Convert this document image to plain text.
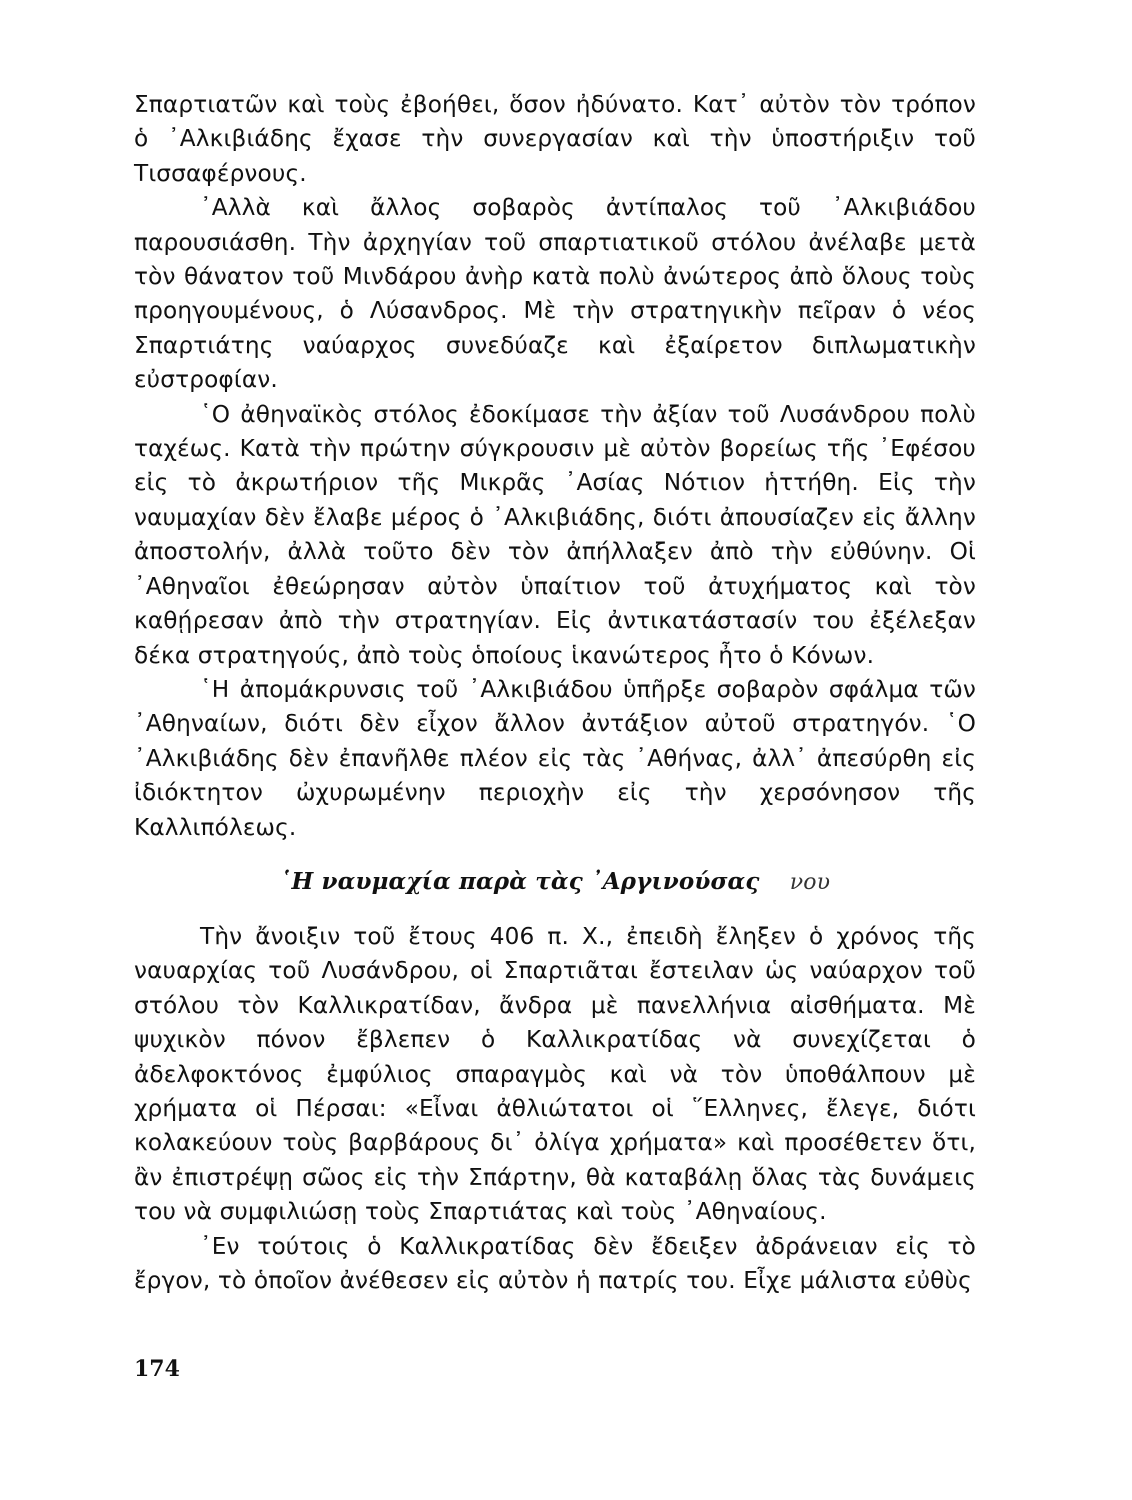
Σπαρτιατῶν καὶ τοὺς ἐβοήθει, ὅσον ἠδύνατο. Κατ᾿ αὐτὸν τὸν τρόπον ὁ ᾿Αλκιβιάδης ἔχασε τὴν συνεργασίαν καὶ τὴν ὑποστήριξιν τοῦ Τισσαφέρνους.

᾿Αλλὰ καὶ ἄλλος σοβαρὸς ἀντίπαλος τοῦ ᾿Αλκιβιάδου παρουσιάσθη. Τὴν ἀρχηγίαν τοῦ σπαρτιατικοῦ στόλου ἀνέλαβε μετὰ τὸν θάνατον τοῦ Μινδάρου ἀνὴρ κατὰ πολὺ ἀνώτερος ἀπὸ ὅλους τοὺς προηγουμένους, ὁ Λύσανδρος. Μὲ τὴν στρατηγικὴν πεῖραν ὁ νέος Σπαρτιάτης ναύαρχος συνεδύαζε καὶ ἐξαίρετον διπλωματικὴν εὐστροφίαν.

῾Ο ἀθηναϊκὸς στόλος ἐδοκίμασε τὴν ἀξίαν τοῦ Λυσάνδρου πολὺ ταχέως. Κατὰ τὴν πρώτην σύγκρουσιν μὲ αὐτὸν βορείως τῆς ᾿Εφέσου εἰς τὸ ἀκρωτήριον τῆς Μικρᾶς ᾿Ασίας Νότιον ἡττήθη. Εἰς τὴν ναυμαχίαν δὲν ἔλαβε μέρος ὁ ᾿Αλκιβιάδης, διότι ἀπουσίαζεν εἰς ἄλλην ἀποστολήν, ἀλλὰ τοῦτο δὲν τὸν ἀπήλλαξεν ἀπὸ τὴν εὐθύνην. Οἱ ᾿Αθηναῖοι ἐθεώρησαν αὐτὸν ὑπαίτιον τοῦ ἀτυχήματος καὶ τὸν καθῄρεσαν ἀπὸ τὴν στρατηγίαν. Εἰς ἀντικατάστασίν του ἐξέλεξαν δέκα στρατηγούς, ἀπὸ τοὺς ὁποίους ἱκανώτερος ἦτο ὁ Κόνων.

῾Η ἀπομάκρυνσις τοῦ ᾿Αλκιβιάδου ὑπῆρξε σοβαρὸν σφάλμα τῶν ᾿Αθηναίων, διότι δὲν εἶχον ἄλλον ἀντάξιον αὐτοῦ στρατηγόν. ῾Ο ᾿Αλκιβιάδης δὲν ἐπανῆλθε πλέον εἰς τὰς ᾿Αθήνας, ἀλλ᾿ ἀπεσύρθη εἰς ἰδιόκτητον ὠχυρωμένην περιοχὴν εἰς τὴν χερσόνησον τῆς Καλλιπόλεως.

῾Η ναυμαχία παρὰ τὰς ᾿Αργινούσας νου

Τὴν ἄνοιξιν τοῦ ἔτους 406 π. Χ., ἐπειδὴ ἔληξεν ὁ χρόνος τῆς ναυαρχίας τοῦ Λυσάνδρου, οἱ Σπαρτιᾶται ἔστειλαν ὡς ναύαρχον τοῦ στόλου τὸν Καλλικρατίδαν, ἄνδρα μὲ πανελλήνια αἰσθήματα. Μὲ ψυχικὸν πόνον ἔβλεπεν ὁ Καλλικρατίδας νὰ συνεχίζεται ὁ ἀδελφοκτόνος ἐμφύλιος σπαραγμὸς καὶ νὰ τὸν ὑποθάλπουν μὲ χρήματα οἱ Πέρσαι: «Εἶναι ἀθλιώτατοι οἱ ῞Ελληνες, ἔλεγε, διότι κολακεύουν τοὺς βαρβάρους δι᾿ ὀλίγα χρήματα» καὶ προσέθετεν ὅτι, ἂν ἐπιστρέψῃ σῶος εἰς τὴν Σπάρτην, θὰ καταβάλῃ ὅλας τὰς δυνάμεις του νὰ συμφιλιώσῃ τοὺς Σπαρτιάτας καὶ τοὺς ᾿Αθηναίους.

᾿Εν τούτοις ὁ Καλλικρατίδας δὲν ἔδειξεν ἀδράνειαν εἰς τὸ ἔργον, τὸ ὁποῖον ἀνέθεσεν εἰς αὐτὸν ἡ πατρίς του. Εἶχε μάλιστα εὐθὺς

174
